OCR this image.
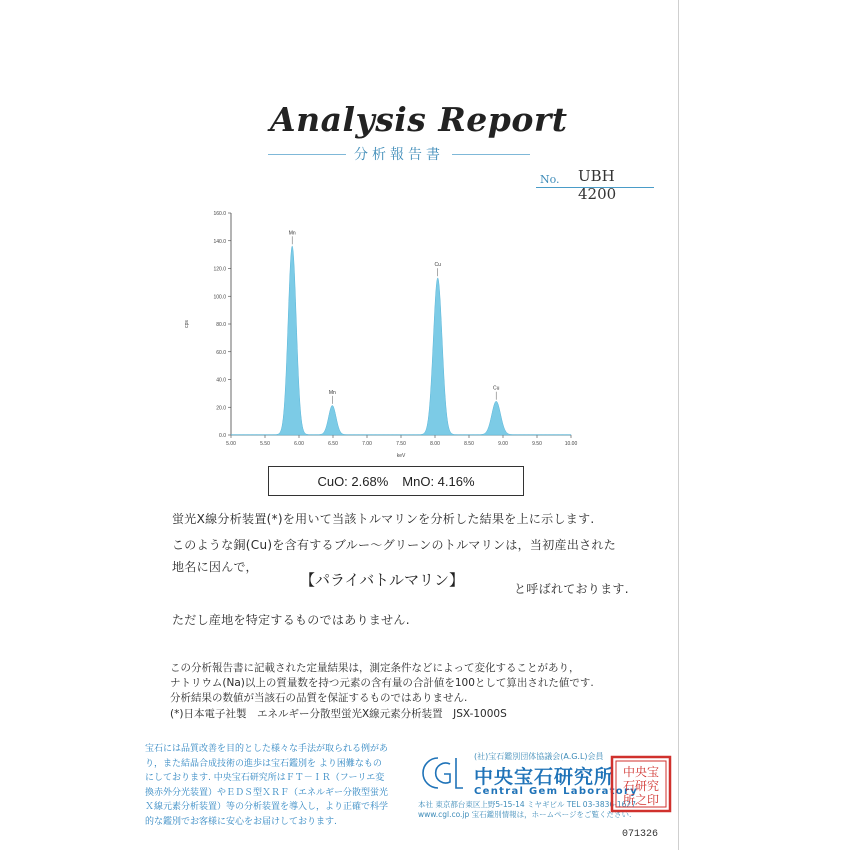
Analysis Report
分析報告書
No. UBH 4200
0.0
20.0
40.0
60.0
80.0
100.0
120.0
140.0
160.0
5.00	5.50	6.00	6.50	7.00	7.50	8.00	8.50	9.00	9.50	10.00
keV
cps
Mn
Mn
Cu
Cu
CuO: 2.68% MnO: 4.16%
蛍光X線分析装置(*)を用いて当該トルマリンを分析した結果を上に示します.
このような銅(Cu)を含有するブルー～グリーンのトルマリンは，当初産出された
地名に因んで，
【パライバトルマリン】	と呼ばれております.
ただし産地を特定するものではありません.
この分析報告書に記載された定量結果は，測定条件などによって変化することがあり，
ナトリウム(Na)以上の質量数を持つ元素の含有量の合計値を100として算出された値です.
分析結果の数値が当該石の品質を保証するものではありません.
(*)日本電子社製　エネルギー分散型蛍光X線元素分析装置　JSX-1000S
宝石には品質改善を目的とした様々な手法が取られる例があ
り，また結晶合成技術の進歩は宝石鑑別を より困難なもの
にしております. 中央宝石研究所はＦＴ－ＩＲ（フーリエ変
換赤外分光装置）やＥＤＳ型ＸＲＦ（エネルギー分散型蛍光
Ｘ線元素分析装置）等の分析装置を導入し，より正確で科学
的な鑑別でお客様に安心をお届けしております.
(社)宝石鑑別団体協議会(A.G.L)会員
中央宝石研究所
Central Gem Laboratory
本社 東京都台東区上野5-15-14 ミヤギビル TEL 03-3836-1627
www.cgl.co.jp 宝石鑑別情報は，ホームページをご覧ください.
中央宝
石研究
所之印
071326
